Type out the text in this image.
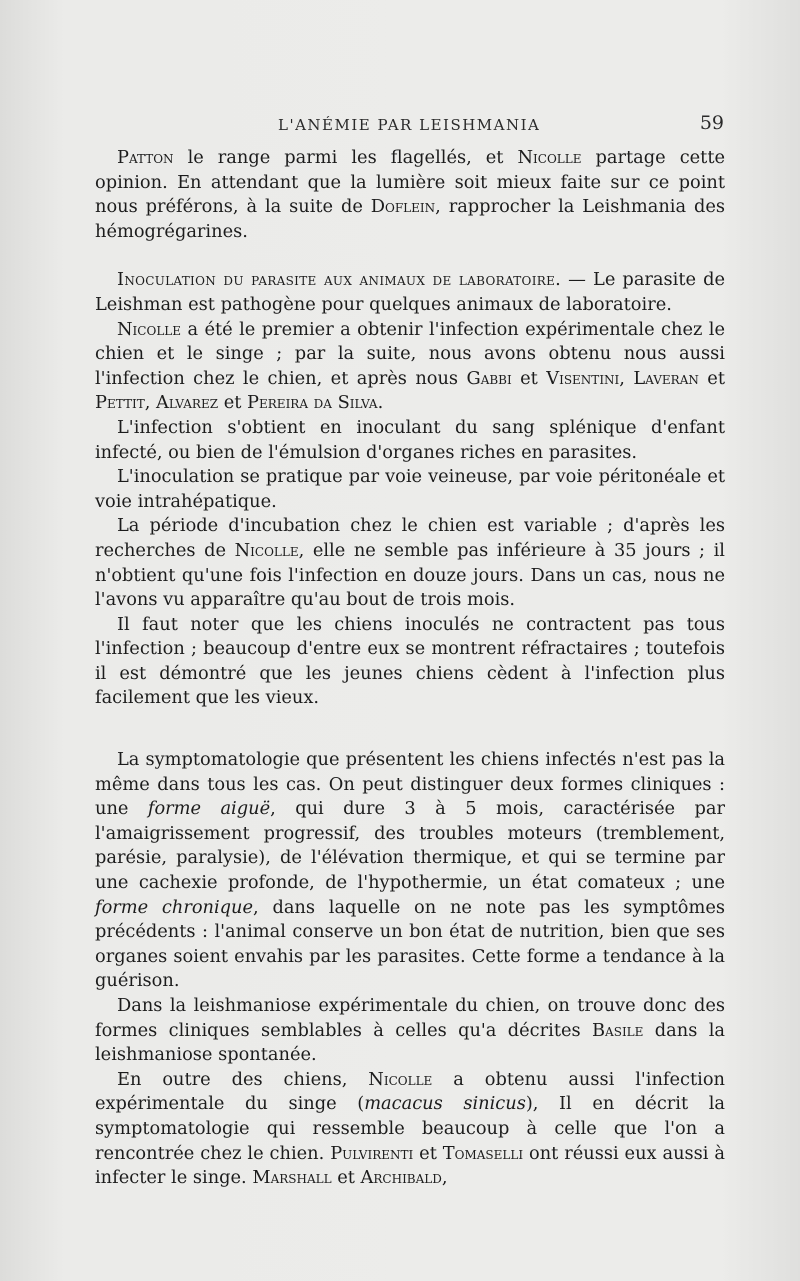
L'ANÉMIE PAR LEISHMANIA	59

Patton le range parmi les flagellés, et Nicolle partage cette opinion. En attendant que la lumière soit mieux faite sur ce point nous préférons, à la suite de Doflein, rapprocher la Leishmania des hémogrégarines.

Inoculation du parasite aux animaux de laboratoire. — Le parasite de Leishman est pathogène pour quelques animaux de laboratoire.

Nicolle a été le premier a obtenir l'infection expérimentale chez le chien et le singe ; par la suite, nous avons obtenu nous aussi l'infection chez le chien, et après nous Gabbi et Visentini, Laveran et Pettit, Alvarez et Pereira da Silva.

L'infection s'obtient en inoculant du sang splénique d'enfant infecté, ou bien de l'émulsion d'organes riches en parasites.

L'inoculation se pratique par voie veineuse, par voie péritonéale et voie intrahépatique.

La période d'incubation chez le chien est variable ; d'après les recherches de Nicolle, elle ne semble pas inférieure à 35 jours ; il n'obtient qu'une fois l'infection en douze jours. Dans un cas, nous ne l'avons vu apparaître qu'au bout de trois mois.

Il faut noter que les chiens inoculés ne contractent pas tous l'infection ; beaucoup d'entre eux se montrent réfractaires ; toutefois il est démontré que les jeunes chiens cèdent à l'infection plus facilement que les vieux.

La symptomatologie que présentent les chiens infectés n'est pas la même dans tous les cas. On peut distinguer deux formes cliniques : une forme aiguë, qui dure 3 à 5 mois, caractérisée par l'amaigrissement progressif, des troubles moteurs (tremblement, parésie, paralysie), de l'élévation thermique, et qui se termine par une cachexie profonde, de l'hypothermie, un état comateux ; une forme chronique, dans laquelle on ne note pas les symptômes précédents : l'animal conserve un bon état de nutrition, bien que ses organes soient envahis par les parasites. Cette forme a tendance à la guérison.

Dans la leishmaniose expérimentale du chien, on trouve donc des formes cliniques semblables à celles qu'a décrites Basile dans la leishmaniose spontanée.

En outre des chiens, Nicolle a obtenu aussi l'infection expérimentale du singe (macacus sinicus), Il en décrit la symptomatologie qui ressemble beaucoup à celle que l'on a rencontrée chez le chien. Pulvirenti et Tomaselli ont réussi eux aussi à infecter le singe. Marshall et Archibald,
